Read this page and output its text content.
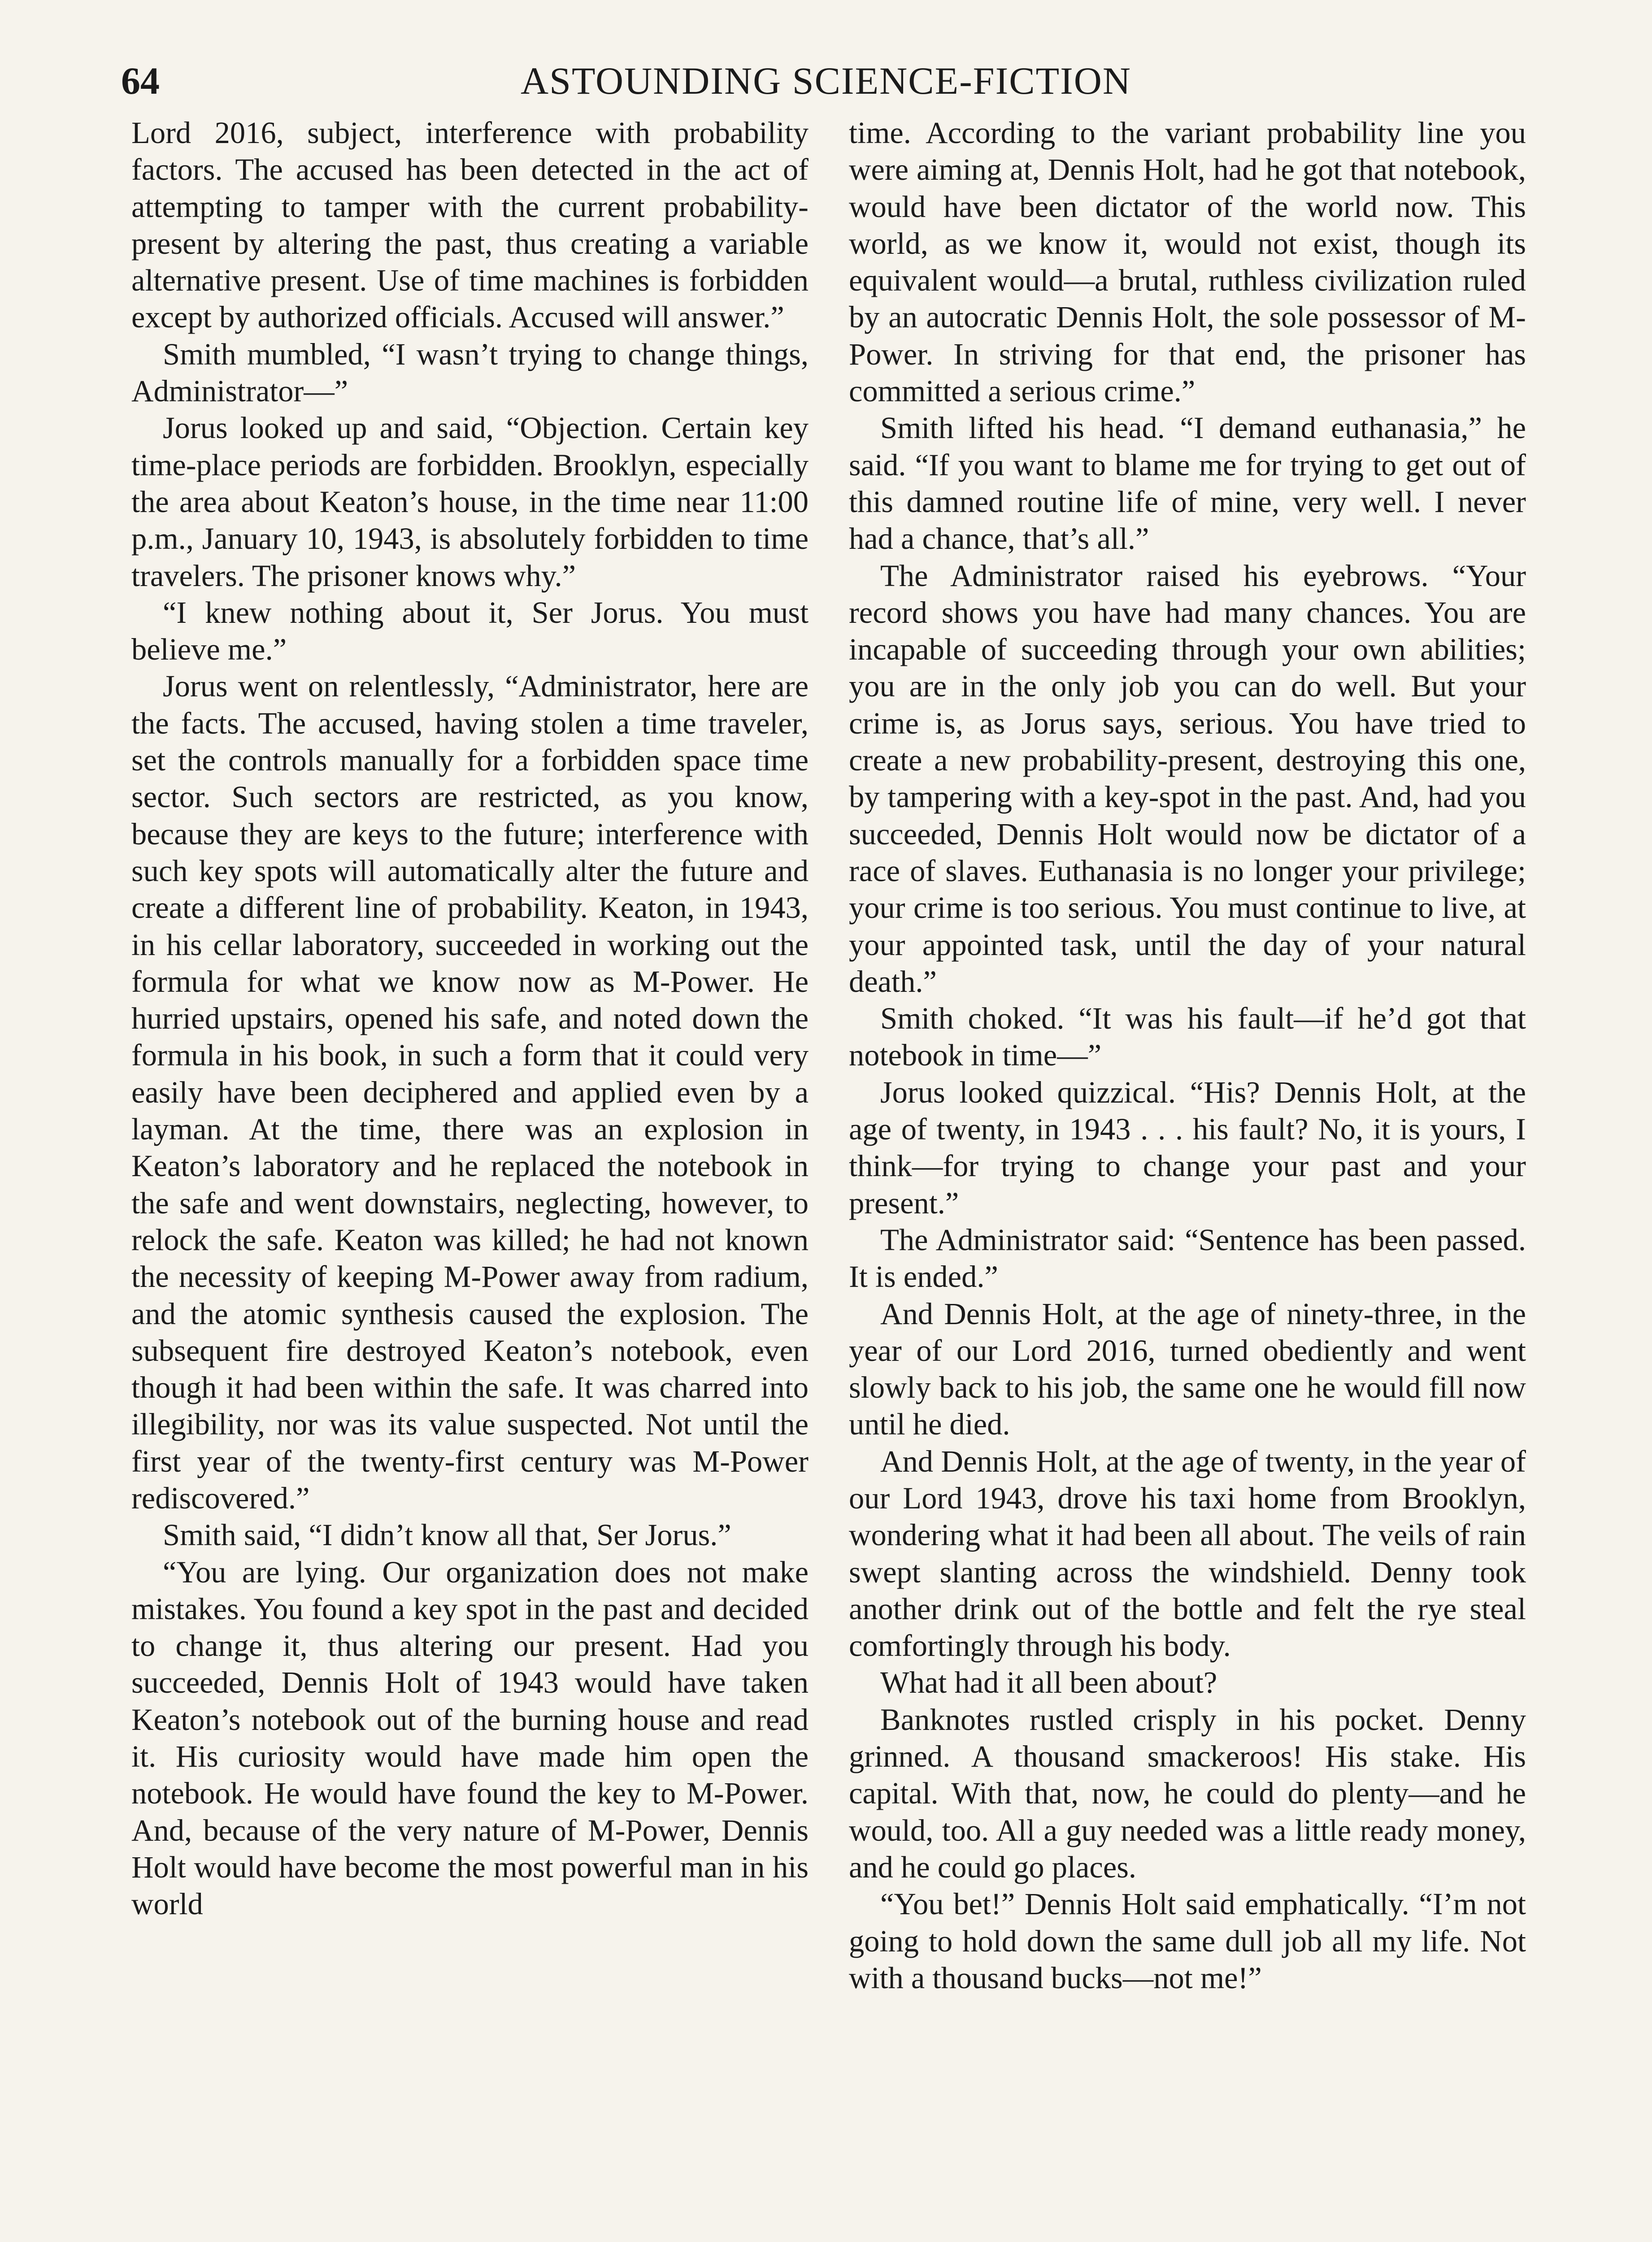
64	ASTOUNDING SCIENCE-FICTION

Lord 2016, subject, interference with probability factors. The accused has been detected in the act of attempting to tamper with the current probability-present by altering the past, thus creating a variable alternative present. Use of time machines is forbidden except by authorized officials. Accused will answer.”

Smith mumbled, “I wasn’t trying to change things, Administrator—”

Jorus looked up and said, “Objection. Certain key time-place periods are forbidden. Brooklyn, especially the area about Keaton’s house, in the time near 11:00 p.m., January 10, 1943, is absolutely forbidden to time travelers. The prisoner knows why.”

“I knew nothing about it, Ser Jorus. You must believe me.”

Jorus went on relentlessly, “Administrator, here are the facts. The accused, having stolen a time traveler, set the controls manually for a forbidden space time sector. Such sectors are restricted, as you know, because they are keys to the future; interference with such key spots will automatically alter the future and create a different line of probability. Keaton, in 1943, in his cellar laboratory, succeeded in working out the formula for what we know now as M-Power. He hurried upstairs, opened his safe, and noted down the formula in his book, in such a form that it could very easily have been deciphered and applied even by a layman. At the time, there was an explosion in Keaton’s laboratory and he replaced the notebook in the safe and went downstairs, neglecting, however, to relock the safe. Keaton was killed; he had not known the necessity of keeping M-Power away from radium, and the atomic synthesis caused the explosion. The subsequent fire destroyed Keaton’s notebook, even though it had been within the safe. It was charred into illegibility, nor was its value suspected. Not until the first year of the twenty-first century was M-Power rediscovered.”

Smith said, “I didn’t know all that, Ser Jorus.”

“You are lying. Our organization does not make mistakes. You found a key spot in the past and decided to change it, thus altering our present. Had you succeeded, Dennis Holt of 1943 would have taken Keaton’s notebook out of the burning house and read it. His curiosity would have made him open the notebook. He would have found the key to M-Power. And, because of the very nature of M-Power, Dennis Holt would have become the most powerful man in his world

time. According to the variant probability line you were aiming at, Dennis Holt, had he got that notebook, would have been dictator of the world now. This world, as we know it, would not exist, though its equivalent would—a brutal, ruthless civilization ruled by an autocratic Dennis Holt, the sole possessor of M-Power. In striving for that end, the prisoner has committed a serious crime.”

Smith lifted his head. “I demand euthanasia,” he said. “If you want to blame me for trying to get out of this damned routine life of mine, very well. I never had a chance, that’s all.”

The Administrator raised his eyebrows. “Your record shows you have had many chances. You are incapable of succeeding through your own abilities; you are in the only job you can do well. But your crime is, as Jorus says, serious. You have tried to create a new probability-present, destroying this one, by tampering with a key-spot in the past. And, had you succeeded, Dennis Holt would now be dictator of a race of slaves. Euthanasia is no longer your privilege; your crime is too serious. You must continue to live, at your appointed task, until the day of your natural death.”

Smith choked. “It was his fault—if he’d got that notebook in time—”

Jorus looked quizzical. “His? Dennis Holt, at the age of twenty, in 1943 . . . his fault? No, it is yours, I think—for trying to change your past and your present.”

The Administrator said: “Sentence has been passed. It is ended.”

And Dennis Holt, at the age of ninety-three, in the year of our Lord 2016, turned obediently and went slowly back to his job, the same one he would fill now until he died.

And Dennis Holt, at the age of twenty, in the year of our Lord 1943, drove his taxi home from Brooklyn, wondering what it had been all about. The veils of rain swept slanting across the windshield. Denny took another drink out of the bottle and felt the rye steal comfortingly through his body.

What had it all been about?

Banknotes rustled crisply in his pocket. Denny grinned. A thousand smackeroos! His stake. His capital. With that, now, he could do plenty—and he would, too. All a guy needed was a little ready money, and he could go places.

“You bet!” Dennis Holt said emphatically. “I’m not going to hold down the same dull job all my life. Not with a thousand bucks—not me!”
